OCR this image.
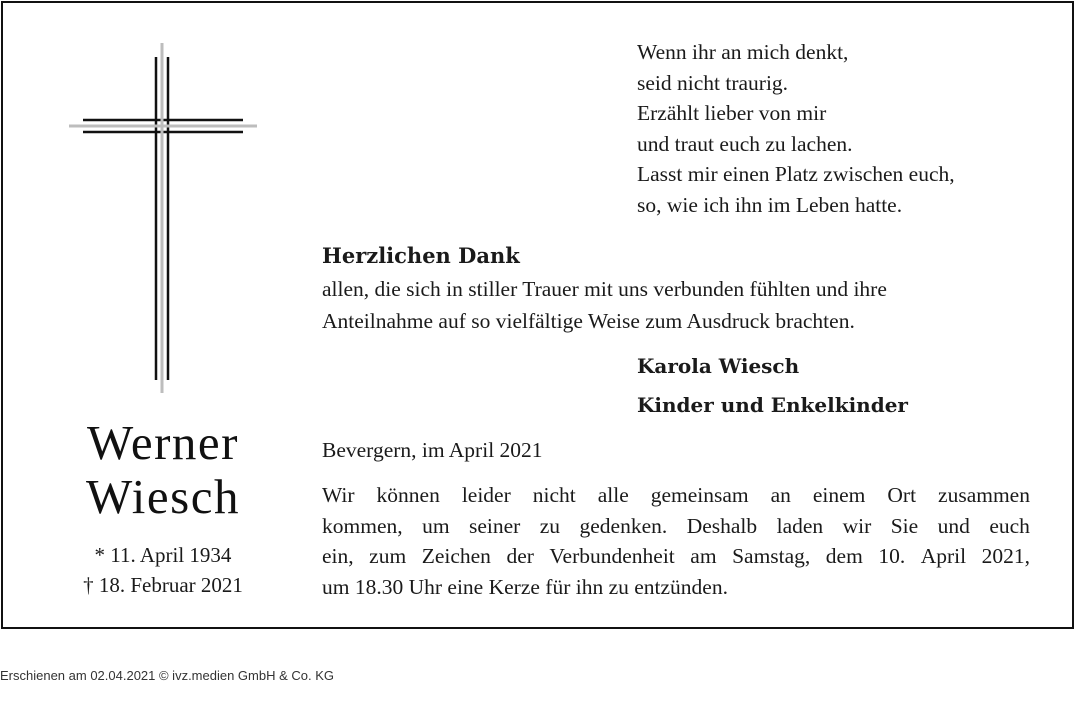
Werner
Wiesch
* 11. April 1934
† 18. Februar 2021
Wenn ihr an mich denkt,
seid nicht traurig.
Erzählt lieber von mir
und traut euch zu lachen.
Lasst mir einen Platz zwischen euch,
so, wie ich ihn im Leben hatte.
Herzlichen Dank
allen, die sich in stiller Trauer mit uns verbunden fühlten und ihre
Anteilnahme auf so vielfältige Weise zum Ausdruck brachten.
Karola Wiesch
Kinder und Enkelkinder
Bevergern, im April 2021
Wir können leider nicht alle gemeinsam an einem Ort zusammen
kommen, um seiner zu gedenken. Deshalb laden wir Sie und euch
ein, zum Zeichen der Verbundenheit am Samstag, dem 10. April 2021,
um 18.30 Uhr eine Kerze für ihn zu entzünden.
Erschienen am 02.04.2021 © ivz.medien GmbH & Co. KG
